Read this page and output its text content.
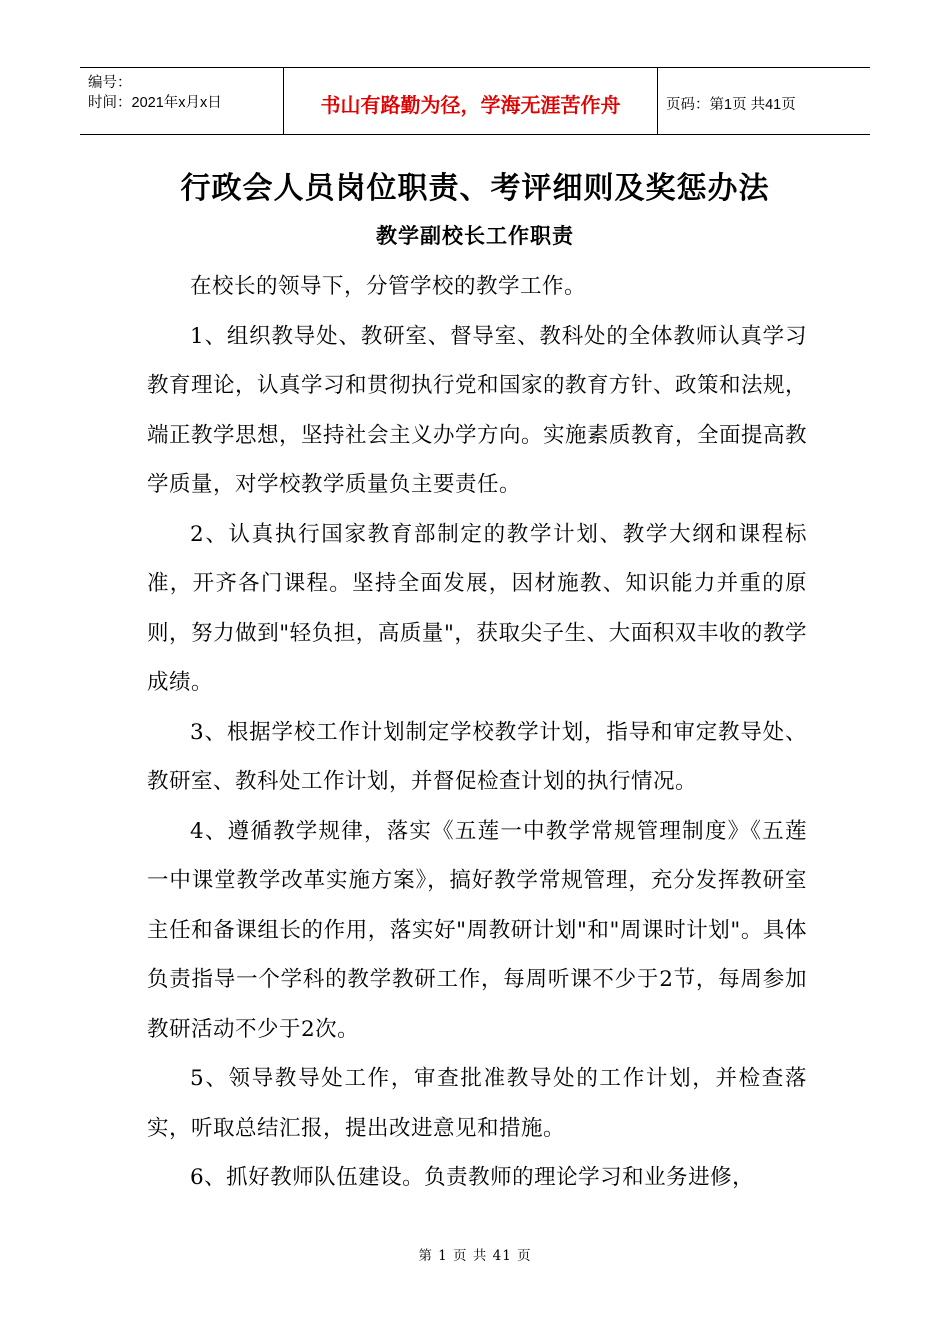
编号：
时间：2021年x月x日	书山有路勤为径，学海无涯苦作舟	页码：第1页 共41页
行政会人员岗位职责、考评细则及奖惩办法
教学副校长工作职责

在校长的领导下，分管学校的教学工作。

1、组织教导处、教研室、督导室、教科处的全体教师认真学习教育理论，认真学习和贯彻执行党和国家的教育方针、政策和法规，端正教学思想，坚持社会主义办学方向。实施素质教育，全面提高教学质量，对学校教学质量负主要责任。

2、认真执行国家教育部制定的教学计划、教学大纲和课程标准，开齐各门课程。坚持全面发展，因材施教、知识能力并重的原则，努力做到"轻负担，高质量"，获取尖子生、大面积双丰收的教学成绩。

3、根据学校工作计划制定学校教学计划，指导和审定教导处、教研室、教科处工作计划，并督促检查计划的执行情况。

4、遵循教学规律，落实《五莲一中教学常规管理制度》《五莲一中课堂教学改革实施方案》，搞好教学常规管理，充分发挥教研室主任和备课组长的作用，落实好"周教研计划"和"周课时计划"。具体负责指导一个学科的教学教研工作，每周听课不少于2节，每周参加教研活动不少于2次。

5、领导教导处工作，审查批准教导处的工作计划，并检查落实，听取总结汇报，提出改进意见和措施。

6、抓好教师队伍建设。负责教师的理论学习和业务进修，

第 1 页 共 41 页
